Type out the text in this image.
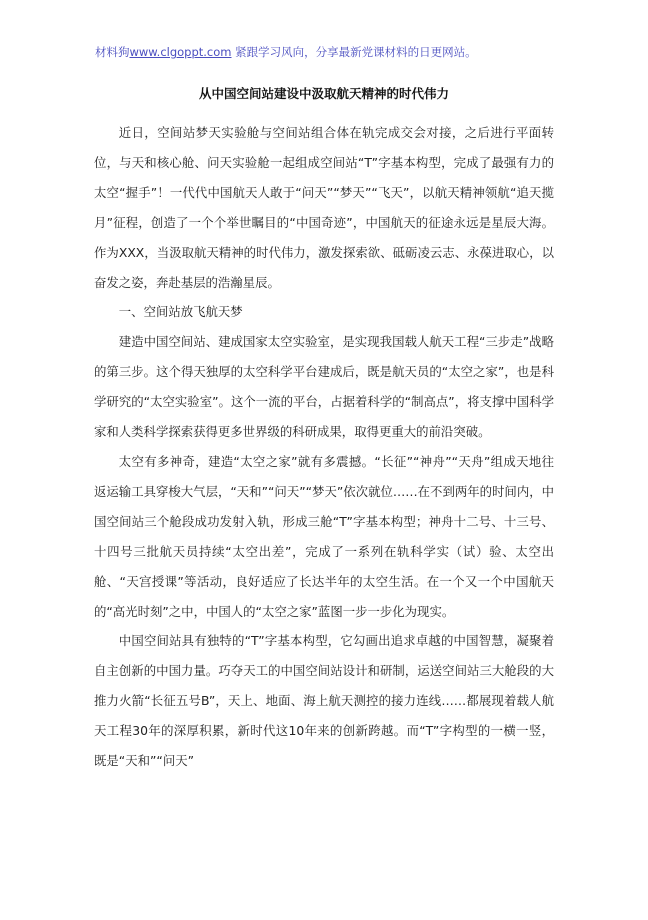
材料狗www.clgoppt.com 紧跟学习风向，分享最新党课材料的日更网站。
从中国空间站建设中汲取航天精神的时代伟力

近日，空间站梦天实验舱与空间站组合体在轨完成交会对接，之后进行平面转位，与天和核心舱、问天实验舱一起组成空间站“T”字基本构型，完成了最强有力的太空“握手”！一代代中国航天人敢于“问天”“梦天”“飞天”，以航天精神领航“追天揽月”征程，创造了一个个举世瞩目的“中国奇迹”，中国航天的征途永远是星辰大海。作为XXX，当汲取航天精神的时代伟力，激发探索欲、砥砺凌云志、永葆进取心，以奋发之姿，奔赴基层的浩瀚星辰。

一、空间站放飞航天梦

建造中国空间站、建成国家太空实验室，是实现我国载人航天工程“三步走”战略的第三步。这个得天独厚的太空科学平台建成后，既是航天员的“太空之家”，也是科学研究的“太空实验室”。这个一流的平台，占据着科学的“制高点”，将支撑中国科学家和人类科学探索获得更多世界级的科研成果，取得更重大的前沿突破。

太空有多神奇，建造“太空之家”就有多震撼。“长征”“神舟”“天舟”组成天地往返运输工具穿梭大气层，“天和”“问天”“梦天”依次就位……在不到两年的时间内，中国空间站三个舱段成功发射入轨，形成三舱“T”字基本构型；神舟十二号、十三号、十四号三批航天员持续“太空出差”，完成了一系列在轨科学实（试）验、太空出舱、“天宫授课”等活动，良好适应了长达半年的太空生活。在一个又一个中国航天的“高光时刻”之中，中国人的“太空之家”蓝图一步一步化为现实。

中国空间站具有独特的“T”字基本构型，它勾画出追求卓越的中国智慧，凝聚着自主创新的中国力量。巧夺天工的中国空间站设计和研制，运送空间站三大舱段的大推力火箭“长征五号B”，天上、地面、海上航天测控的接力连线……都展现着载人航天工程30年的深厚积累，新时代这10年来的创新跨越。而“T”字构型的一横一竖，既是“天和”“问天”
